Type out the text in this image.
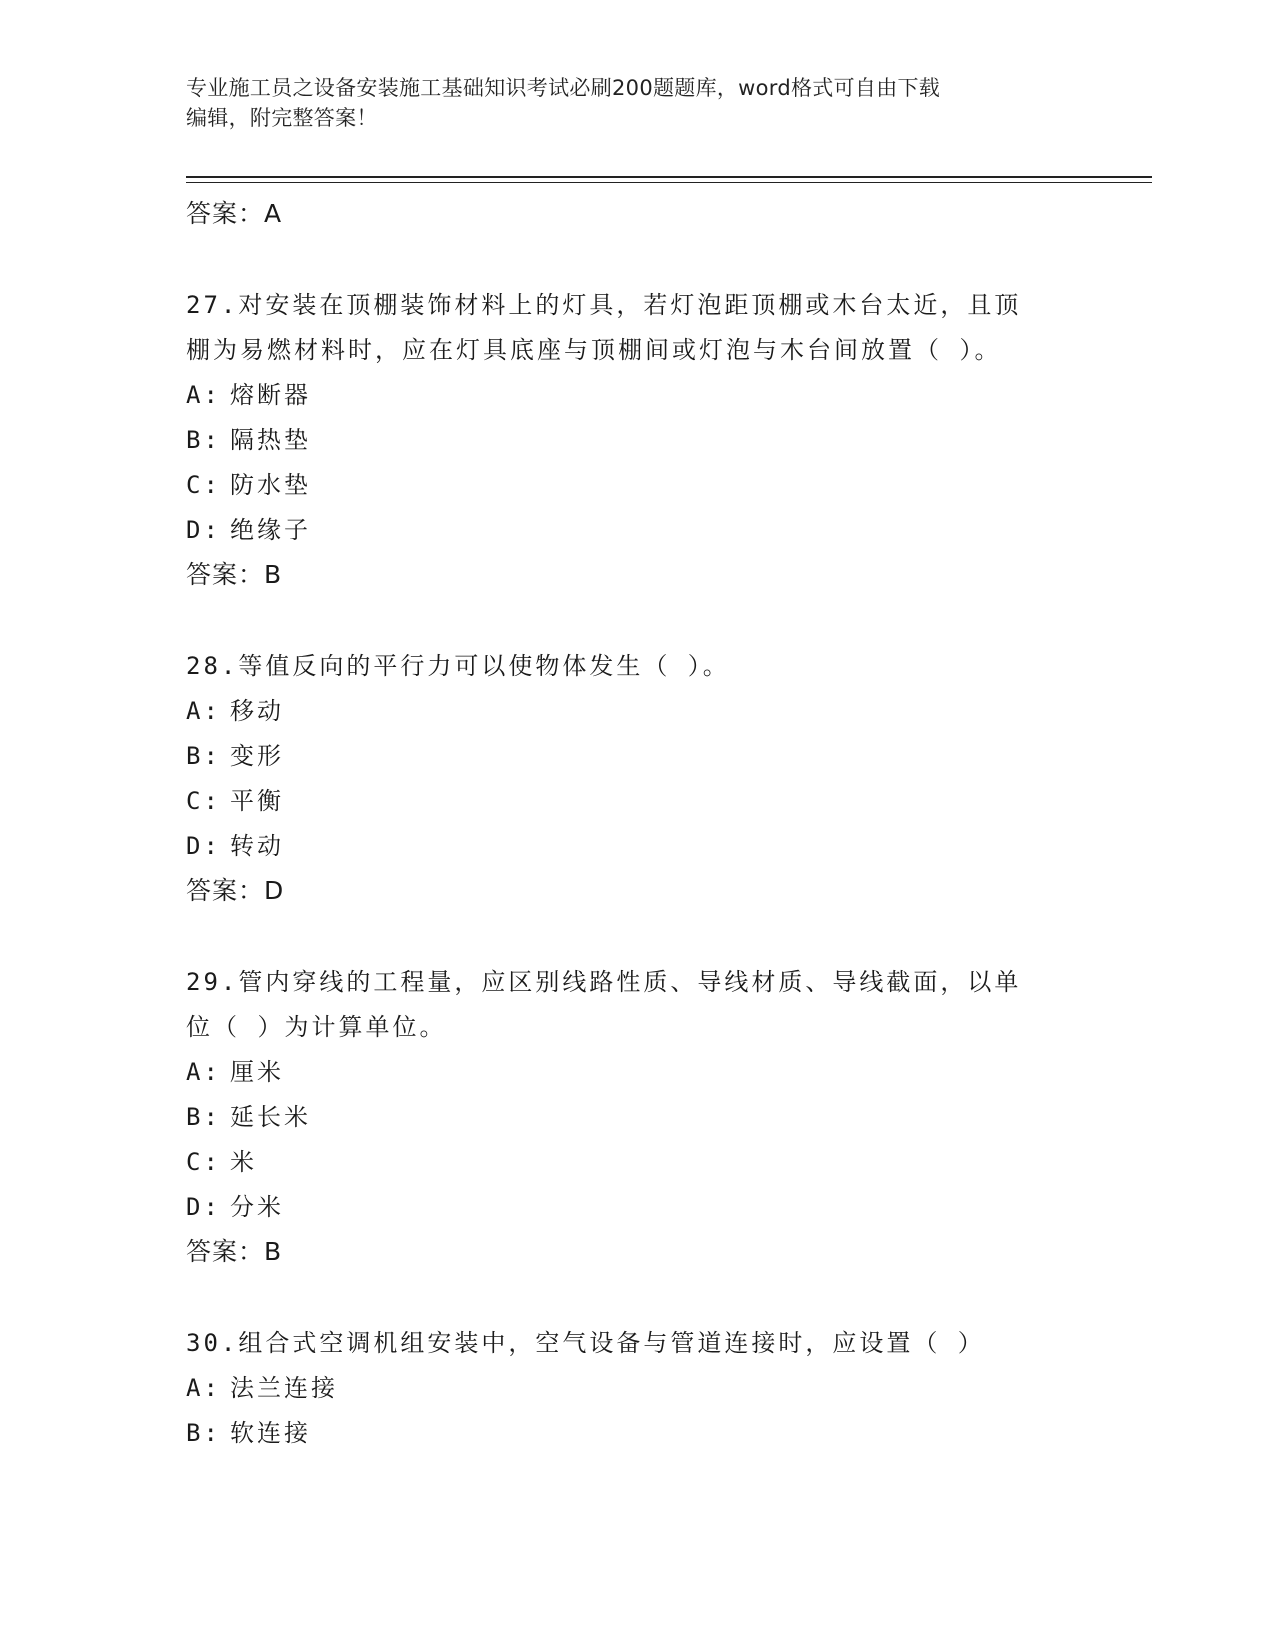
专业施工员之设备安装施工基础知识考试必刷200题题库，word格式可自由下载
编辑，附完整答案！
答案：A
27.对安装在顶棚装饰材料上的灯具，若灯泡距顶棚或木台太近，且顶
棚为易燃材料时，应在灯具底座与顶棚间或灯泡与木台间放置（ ）。
A: 熔断器
B: 隔热垫
C: 防水垫
D: 绝缘子
答案：B
28.等值反向的平行力可以使物体发生（ ）。
A: 移动
B: 变形
C: 平衡
D: 转动
答案：D
29.管内穿线的工程量，应区别线路性质、导线材质、导线截面，以单
位（ ）为计算单位。
A: 厘米
B: 延长米
C: 米
D: 分米
答案：B
30.组合式空调机组安装中，空气设备与管道连接时，应设置（ ）
A: 法兰连接
B: 软连接
